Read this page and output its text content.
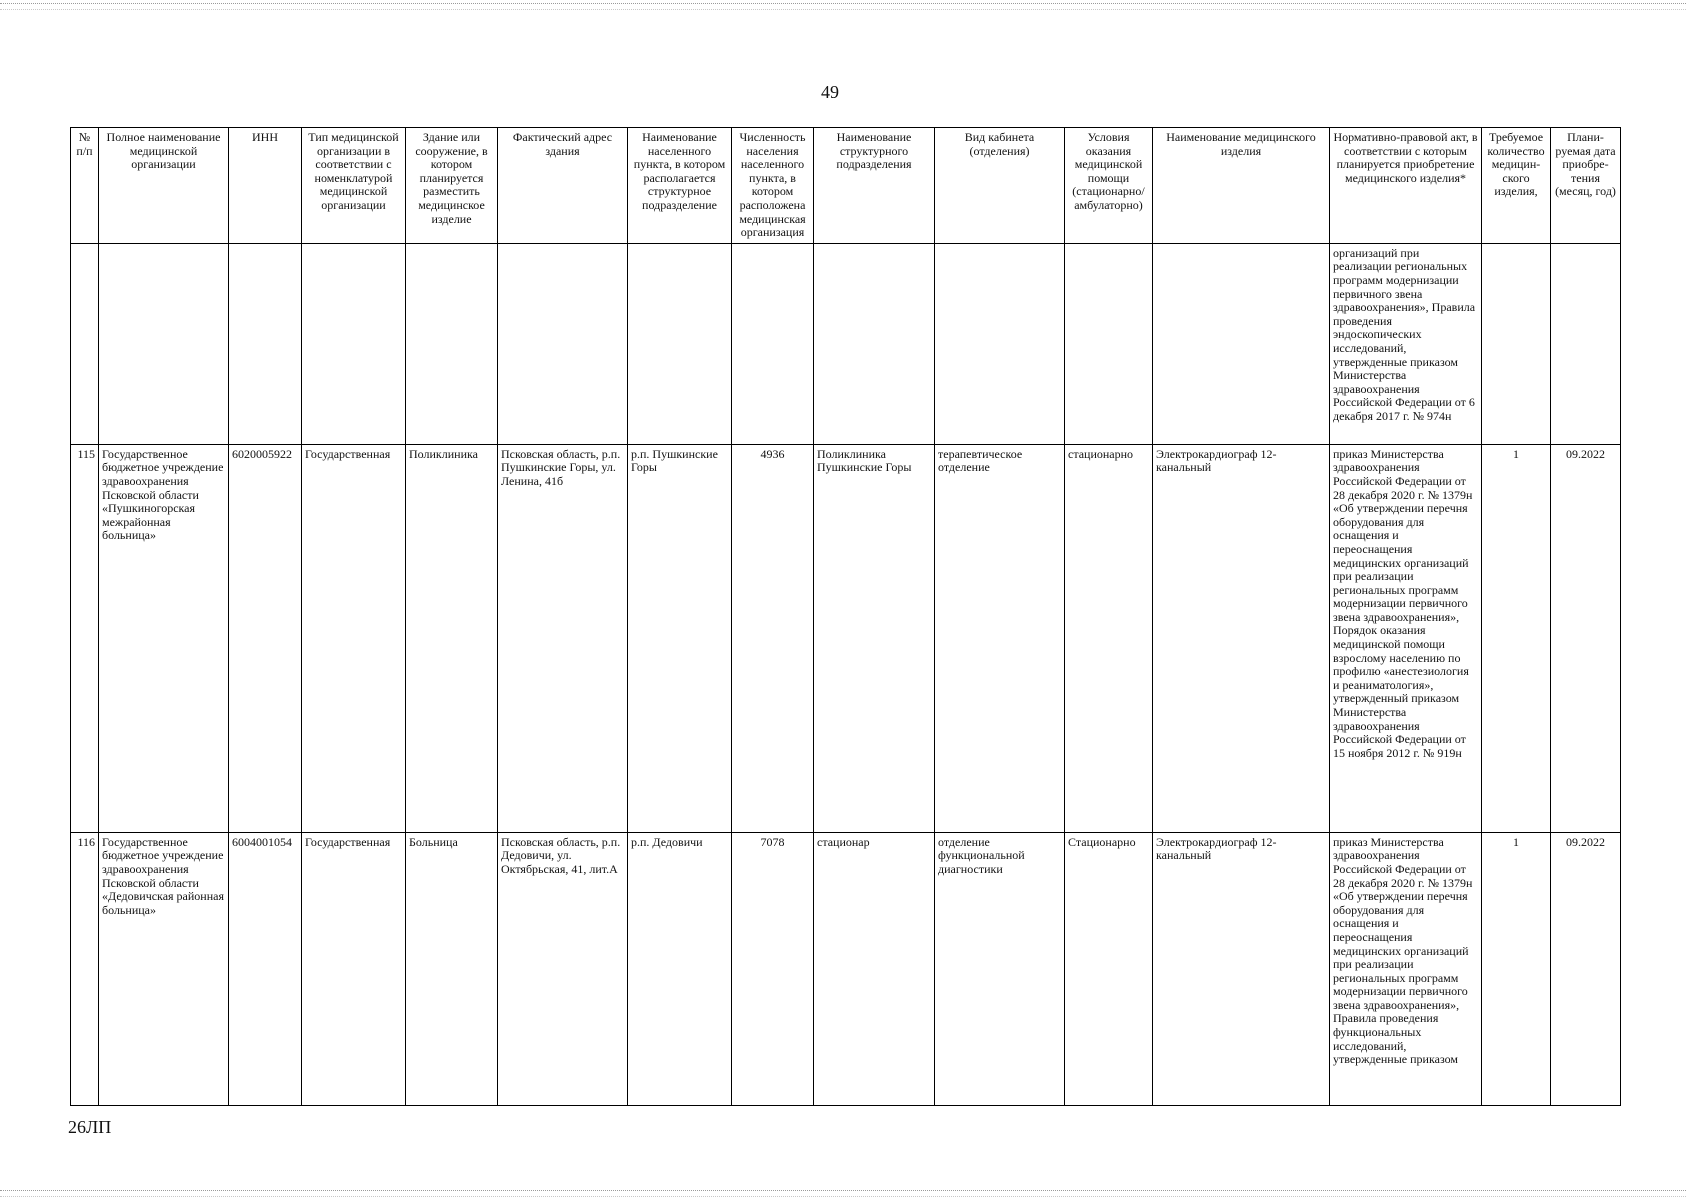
49
№ п/п	Полное наименование медицинской организации	ИНН	Тип медицинской организации в соответствии с номенклатурой медицинской организации	Здание или сооружение, в котором планируется разместить медицинское изделие	Фактический адрес здания	Наименование населенного пункта, в котором располагается структурное подразделение	Численность населения населенного пункта, в котором расположена медицинская организация	Наименование структурного подразделения	Вид кабинета (отделения)	Условия оказания медицинской помощи (стационарно/ амбулаторно)	Наименование медицинского изделия	Нормативно-правовой акт, в соответствии с которым планируется приобретение медицинского изделия*	Требуемое количество медицин-ского изделия,	Плани-руемая дата приобре-тения (месяц, год)
												организаций при реализации региональных программ модернизации первичного звена здравоохранения», Правила проведения эндоскопических исследований, утвержденные приказом Министерства здравоохранения Российской Федерации от 6 декабря 2017 г. № 974н		
115	Государственное бюджетное учреждение здравоохранения Псковской области «Пушкиногорская межрайонная больница»	6020005922	Государственная	Поликлиника	Псковская область, р.п. Пушкинские Горы, ул. Ленина, 41б	р.п. Пушкинские Горы	4936	Поликлиника Пушкинские Горы	терапевтическое отделение	стационарно	Электрокардиограф 12-канальный	приказ Министерства здравоохранения Российской Федерации от 28 декабря 2020 г. № 1379н «Об утверждении перечня оборудования для оснащения и переоснащения медицинских организаций при реализации региональных программ модернизации первичного звена здравоохранения», Порядок оказания медицинской помощи взрослому населению по профилю «анестезиология и реаниматология», утвержденный приказом Министерства здравоохранения Российской Федерации от 15 ноября 2012 г. № 919н	1	09.2022
116	Государственное бюджетное учреждение здравоохранения Псковской области «Дедовичская районная больница»	6004001054	Государственная	Больница	Псковская область, р.п. Дедовичи, ул. Октябрьская, 41, лит.А	р.п. Дедовичи	7078	стационар	отделение функциональной диагностики	Стационарно	Электрокардиограф 12-канальный	приказ Министерства здравоохранения Российской Федерации от 28 декабря 2020 г. № 1379н «Об утверждении перечня оборудования для оснащения и переоснащения медицинских организаций при реализации региональных программ модернизации первичного звена здравоохранения», Правила проведения функциональных исследований, утвержденные приказом	1	09.2022
26ЛП
